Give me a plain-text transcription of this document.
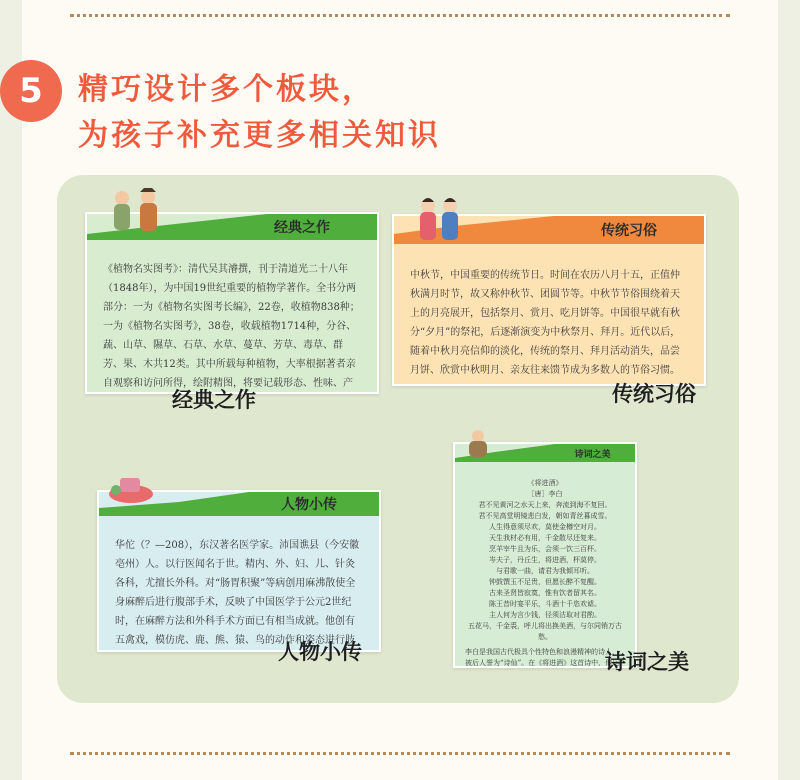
5	精巧设计多个板块，
为孩子补充更多相关知识
经典之作
《植物名实图考》：清代吴其濬撰，刊于清道光二十八年（1848年），为中国19世纪重要的植物学著作。全书分两部分：一为《植物名实图考长编》，22卷，收植物838种；一为《植物名实图考》，38卷，收载植物1714种，分谷、蔬、山草、隰草、石草、水草、蔓草、芳草、毒草、群芳、果、木共12类。其中所载每种植物，大率根据著者亲自观察和访问所得，绘附精图，将要记载形态、性味、产
经典之作
传统习俗
中秋节，中国重要的传统节日。时间在农历八月十五，正值仲秋满月时节，故又称仲秋节、团圆节等。中秋节节俗围绕着天上的月亮展开，包括祭月、赏月、吃月饼等。中国很早就有秋分“夕月”的祭祀，后逐渐演变为中秋祭月、拜月。近代以后，随着中秋月亮信仰的淡化，传统的祭月、拜月活动消失，品尝月饼、欣赏中秋明月、亲友往来馈节成为多数人的节俗习惯。
传统习俗
人物小传
华佗（？—208），东汉著名医学家。沛国谯县（今安徽亳州）人。以行医闻名于世。精内、外、妇、儿、针灸各科，尤擅长外科。对“肠胃积聚”等病创用麻沸散使全身麻醉后进行腹部手术，反映了中国医学于公元2世纪时，在麻醉方法和外科手术方面已有相当成就。他创有五禽戏，模仿虎、鹿、熊、猿、鸟的动作和姿态进行肢
人物小传
诗词之美
《将进酒》
［唐］李白
君不见黄河之水天上来，奔流到海不复回。
君不见高堂明镜悲白发，朝如青丝暮成雪。
人生得意须尽欢，莫使金樽空对月。
天生我材必有用，千金散尽还复来。
烹羊宰牛且为乐，会须一饮三百杯。
岑夫子，丹丘生，将进酒，杯莫停。
与君歌一曲，请君为我倾耳听。
钟鼓馔玉不足贵，但愿长醉不复醒。
古来圣贤皆寂寞，惟有饮者留其名。
陈王昔时宴平乐，斗酒十千恣欢谑。
主人何为言少钱，径须沽取对君酌。
五花马，千金裘，呼儿将出换美酒，与尔同销万古愁。
李白是我国古代极具个性特色和浪漫精神的诗人，被后人誉为“诗仙”。在《将进酒》这首诗中，他运
诗词之美
